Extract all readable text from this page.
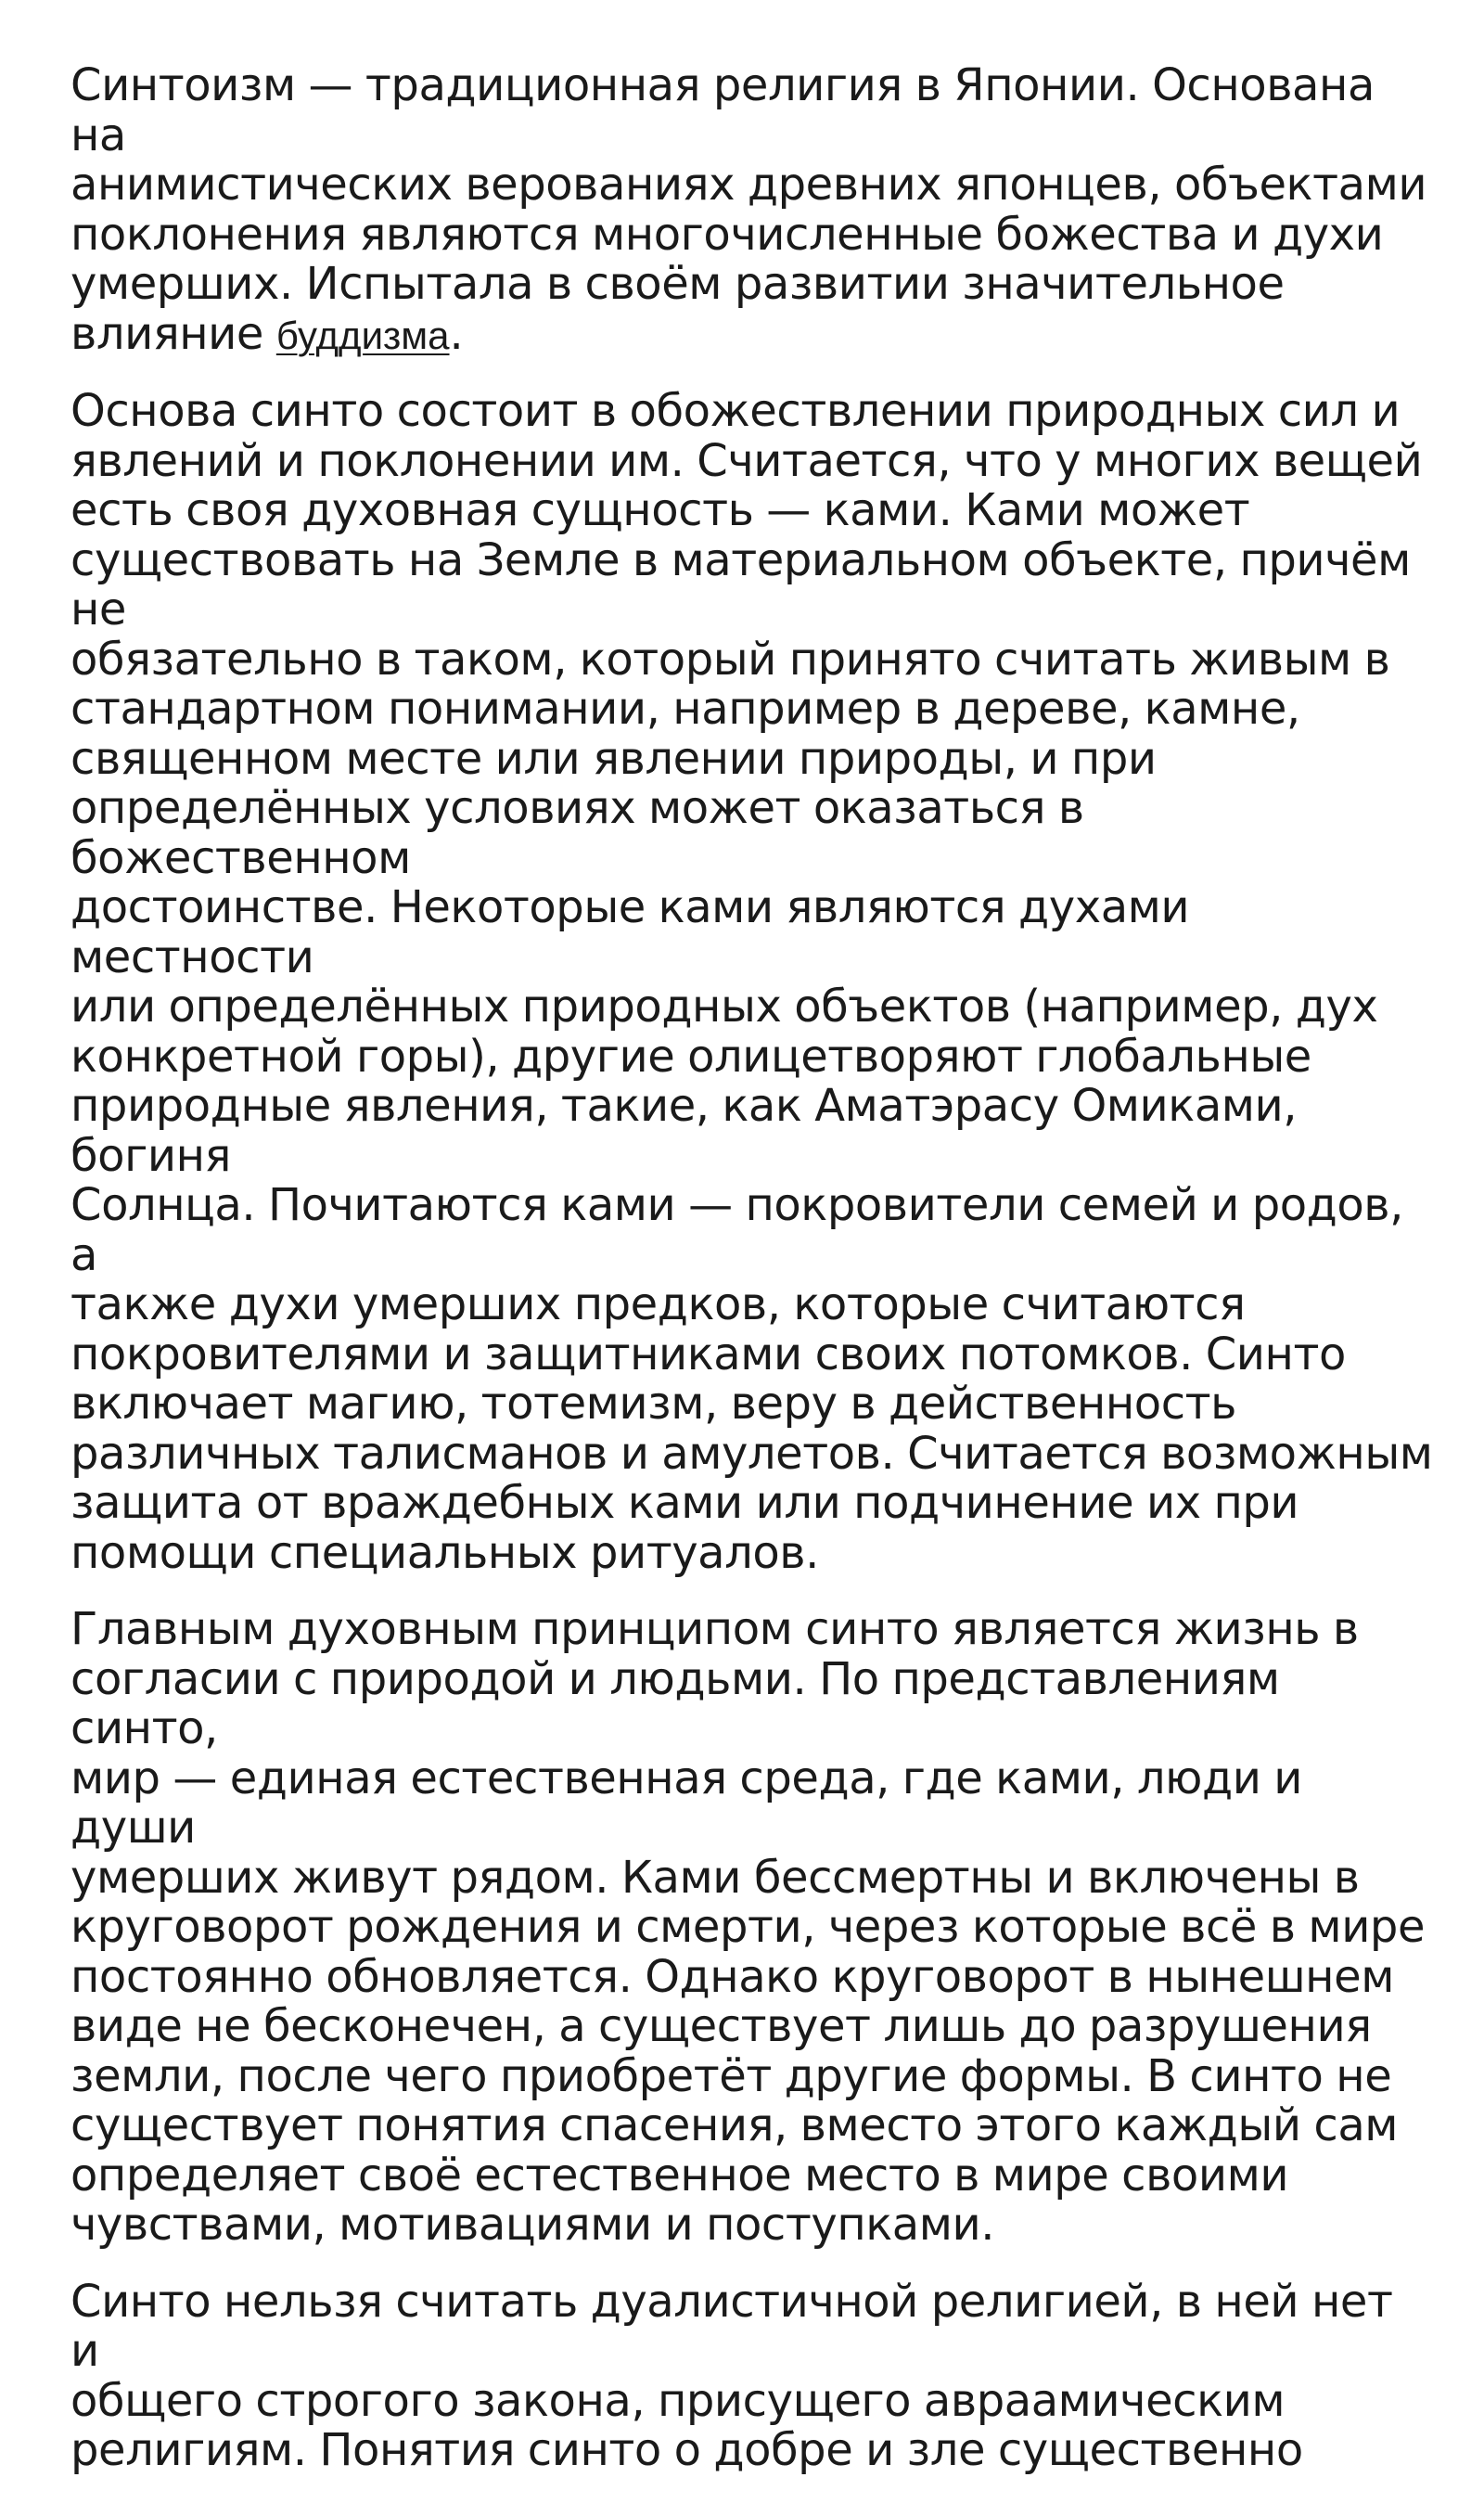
Синтоизм — традиционная религия в Японии. Основана на
анимистических верованиях древних японцев, объектами
поклонения являются многочисленные божества и духи
умерших. Испытала в своём развитии значительное
влияние буддизма.

Основа синто состоит в обожествлении природных сил и
явлений и поклонении им. Считается, что у многих вещей
есть своя духовная сущность — ками. Ками может
существовать на Земле в материальном объекте, причём не
обязательно в таком, который принято считать живым в
стандартном понимании, например в дереве, камне,
священном месте или явлении природы, и при
определённых условиях может оказаться в божественном
достоинстве. Некоторые ками являются духами местности
или определённых природных объектов (например, дух
конкретной горы), другие олицетворяют глобальные
природные явления, такие, как Аматэрасу Омиками, богиня
Солнца. Почитаются ками — покровители семей и родов, а
также духи умерших предков, которые считаются
покровителями и защитниками своих потомков. Синто
включает магию, тотемизм, веру в действенность
различных талисманов и амулетов. Считается возможным
защита от враждебных ками или подчинение их при
помощи специальных ритуалов.

Главным духовным принципом синто является жизнь в
согласии с природой и людьми. По представлениям синто,
мир — единая естественная среда, где ками, люди и души
умерших живут рядом. Ками бессмертны и включены в
круговорот рождения и смерти, через которые всё в мире
постоянно обновляется. Однако круговорот в нынешнем
виде не бесконечен, а существует лишь до разрушения
земли, после чего приобретёт другие формы. В синто не
существует понятия спасения, вместо этого каждый сам
определяет своё естественное место в мире своими
чувствами, мотивациями и поступками.

Синто нельзя считать дуалистичной религией, в ней нет и
общего строгого закона, присущего авраамическим
религиям. Понятия синто о добре и зле существенно
